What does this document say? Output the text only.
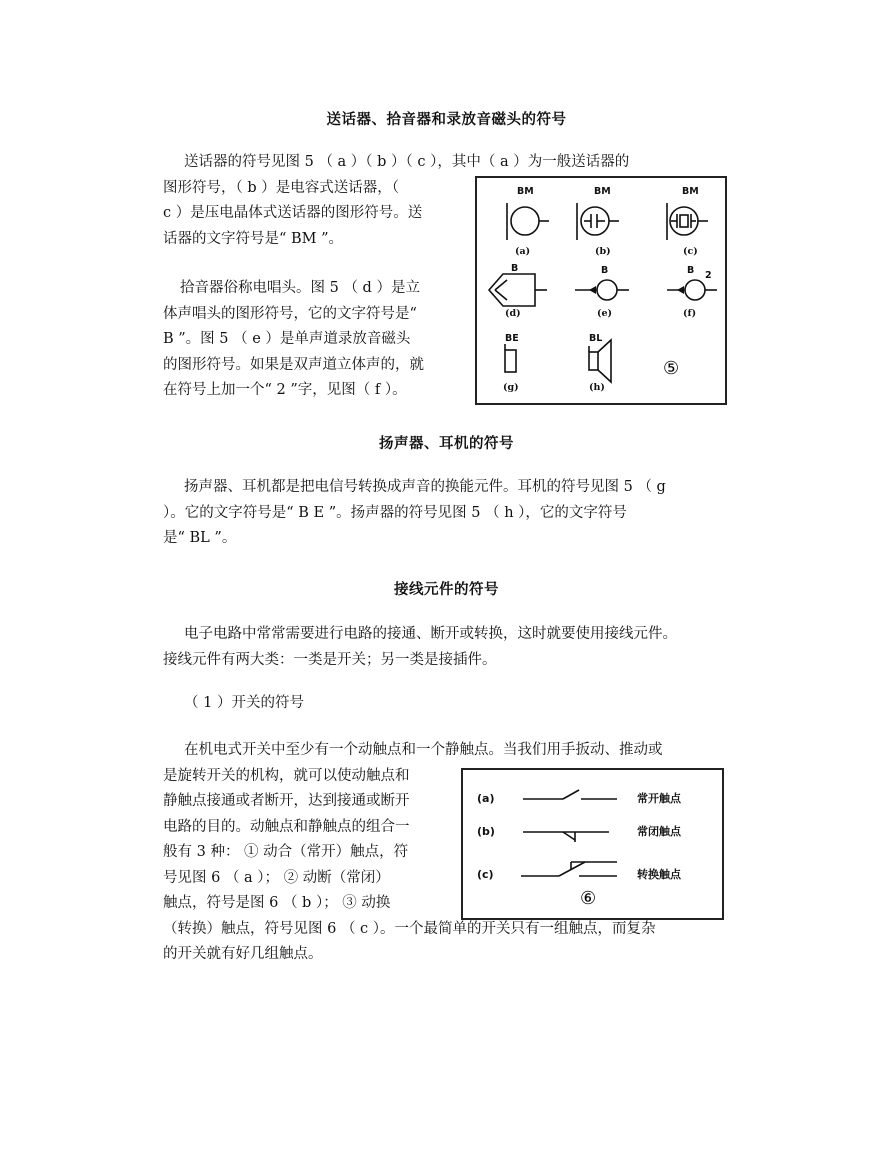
送话器、拾音器和录放音磁头的符号

送话器的符号见图 5 （ a ）（ b ）（ c ），其中（ a ）为一般送话器的

图形符号，（ b ）是电容式送话器，（

c ）是压电晶体式送话器的图形符号。送

话器的文字符号是“ BM ”。

拾音器俗称电唱头。图 5 （ d ）是立

体声唱头的图形符号，它的文字符号是“

B ”。图 5 （ e ）是单声道录放音磁头

的图形符号。如果是双声道立体声的，就

在符号上加一个“ 2 ”字，见图（ f ）。

BM	BM	BM
(a)	(b)	(c)
B	B	B 2
(d)	(e)	(f)
BE	BL
(g)	(h)
⑤
扬声器、耳机的符号

扬声器、耳机都是把电信号转换成声音的换能元件。耳机的符号见图 5 （ g

）。它的文字符号是“ B E ”。扬声器的符号见图 5 （ h ），它的文字符号

是“ BL ”。

接线元件的符号

电子电路中常常需要进行电路的接通、断开或转换，这时就要使用接线元件。

接线元件有两大类：一类是开关；另一类是接插件。

（ 1 ）开关的符号

在机电式开关中至少有一个动触点和一个静触点。当我们用手扳动、推动或

是旋转开关的机构，就可以使动触点和

静触点接通或者断开，达到接通或断开

电路的目的。动触点和静触点的组合一

般有 3 种： ① 动合（常开）触点，符

号见图 6 （ a ）； ② 动断（常闭）

触点，符号是图 6 （ b ）； ③ 动换

（转换）触点，符号见图 6 （ c ）。一个最简单的开关只有一组触点，而复杂

的开关就有好几组触点。

(a)
(b)
(c)
常开触点
常闭触点
转换触点
⑥
